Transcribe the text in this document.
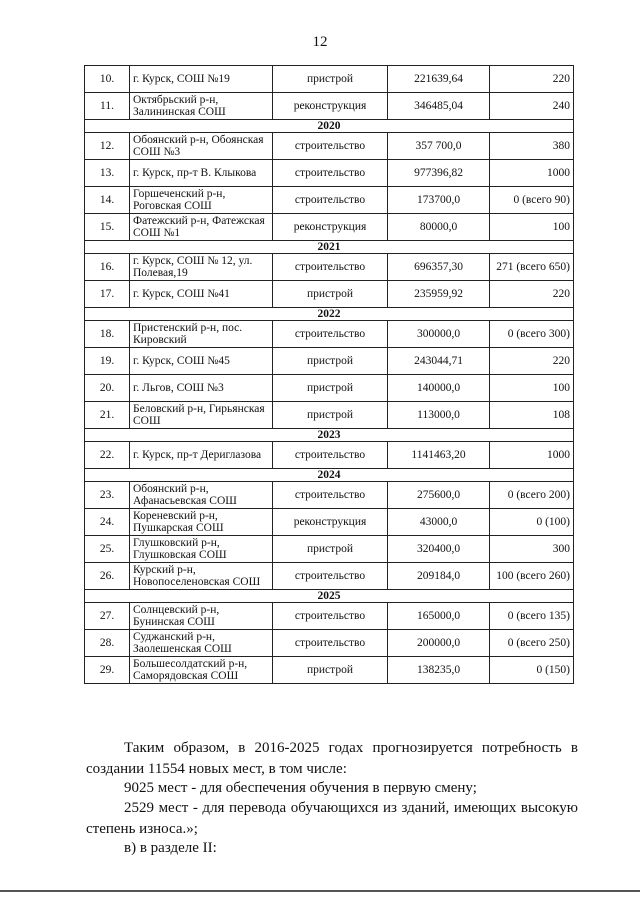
12
10.	г. Курск, СОШ №19	пристрой	221639,64	220
11.	Октябрьский р-н, Залининская СОШ	реконструкция	346485,04	240
2020				
12.	Обоянский р-н, Обоянская СОШ №3	строительство	357 700,0	380
13.	г. Курск, пр-т В. Клыкова	строительство	977396,82	1000
14.	Горшеченский р-н, Роговская СОШ	строительство	173700,0	0 (всего 90)
15.	Фатежский р-н, Фатежская СОШ №1	реконструкция	80000,0	100
2021				
16.	г. Курск, СОШ № 12, ул. Полевая,19	строительство	696357,30	271 (всего 650)
17.	г. Курск, СОШ №41	пристрой	235959,92	220
2022				
18.	Пристенский р-н, пос. Кировский	строительство	300000,0	0 (всего 300)
19.	г. Курск, СОШ №45	пристрой	243044,71	220
20.	г. Льгов, СОШ №3	пристрой	140000,0	100
21.	Беловский р-н, Гирьянская СОШ	пристрой	113000,0	108
2023				
22.	г. Курск, пр-т Дериглазова	строительство	1141463,20	1000
2024				
23.	Обоянский р-н, Афанасьевская СОШ	строительство	275600,0	0 (всего 200)
24.	Кореневский р-н, Пушкарская СОШ	реконструкция	43000,0	0 (100)
25.	Глушковский р-н, Глушковская СОШ	пристрой	320400,0	300
26.	Курский р-н, Новопоселеновская СОШ	строительство	209184,0	100 (всего 260)
2025				
27.	Солнцевский р-н, Бунинская СОШ	строительство	165000,0	0 (всего 135)
28.	Суджанский р-н, Заолешенская СОШ	строительство	200000,0	0 (всего 250)
29.	Большесолдатский р-н, Самоpядовская СОШ	пристрой	138235,0	0 (150)
Таким образом, в 2016-2025 годах прогнозируется потребность в создании 11554 новых мест, в том числе:
9025 мест - для обеспечения обучения в первую смену;
2529 мест - для перевода обучающихся из зданий, имеющих высокую степень износа.»;
в) в разделе II:
